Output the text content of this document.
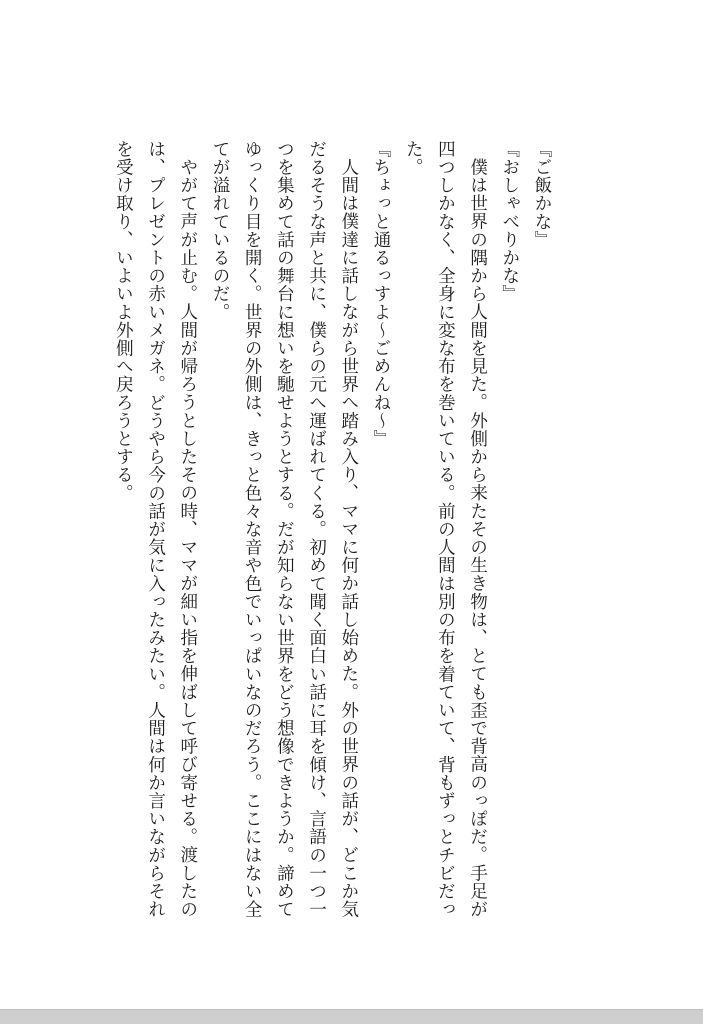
『ご飯かな』

『おしゃべりかな』

僕は世界の隅から人間を見た。外側から来たその生き物は、とても歪で背高のっぽだ。手足が四つしかなく、全身に変な布を巻いている。前の人間は別の布を着ていて、背もずっとチビだった。

『ちょっと通るっすよ～ごめんね～』

人間は僕達に話しながら世界へ踏み入り、ママに何か話し始めた。外の世界の話が、どこか気だるそうな声と共に、僕らの元へ運ばれてくる。初めて聞く面白い話に耳を傾け、言語の一つ一つを集めて話の舞台に想いを馳せようとする。だが知らない世界をどう想像できようか。諦めてゆっくり目を開く。世界の外側は、きっと色々な音や色でいっぱいなのだろう。ここにはない全てが溢れているのだ。

やがて声が止む。人間が帰ろうとしたその時、ママが細い指を伸ばして呼び寄せる。渡したのは、プレゼントの赤いメガネ。どうやら今の話が気に入ったみたい。人間は何か言いながらそれを受け取り、いよいよ外側へ戻ろうとする。
